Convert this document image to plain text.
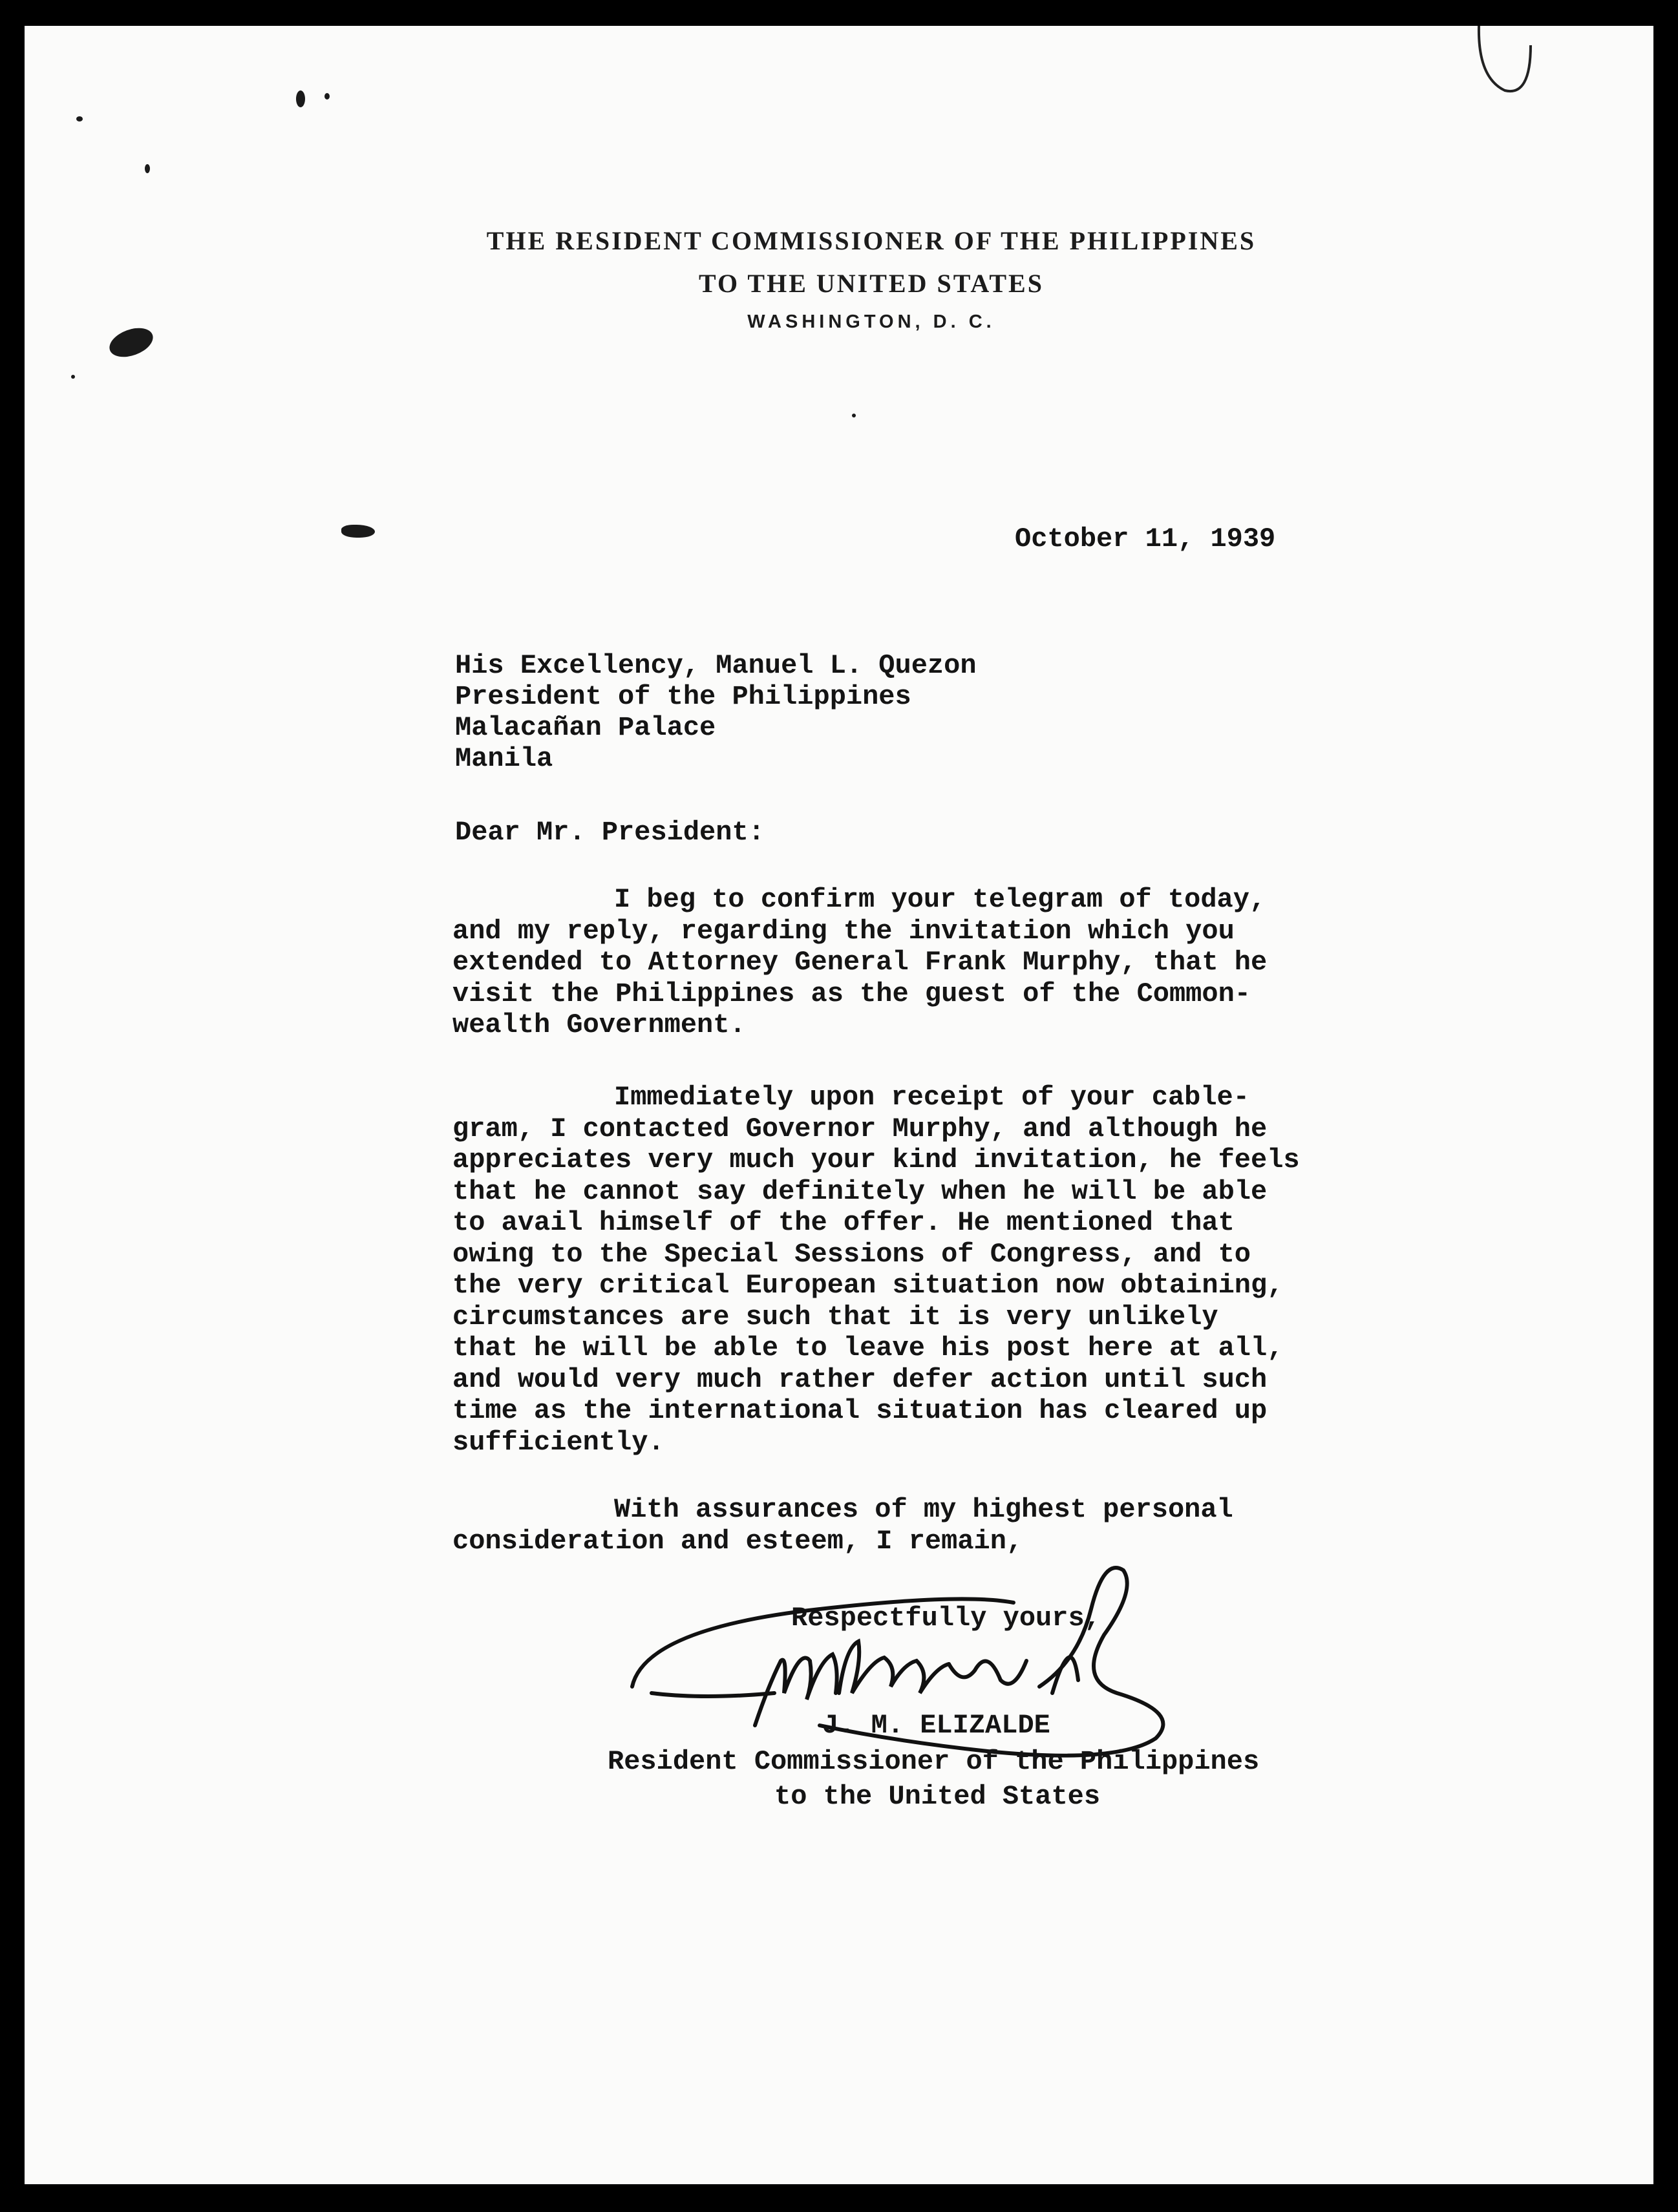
THE RESIDENT COMMISSIONER OF THE PHILIPPINES
TO THE UNITED STATES
WASHINGTON, D. C.
October 11, 1939
His Excellency, Manuel L. Quezon
President of the Philippines
Malacañan Palace
Manila
Dear Mr. President:
I beg to confirm your telegram of today,
and my reply, regarding the invitation which you
extended to Attorney General Frank Murphy, that he
visit the Philippines as the guest of the Common-
wealth Government.
Immediately upon receipt of your cable-
gram, I contacted Governor Murphy, and although he
appreciates very much your kind invitation, he feels
that he cannot say definitely when he will be able
to avail himself of the offer. He mentioned that
owing to the Special Sessions of Congress, and to
the very critical European situation now obtaining,
circumstances are such that it is very unlikely
that he will be able to leave his post here at all,
and would very much rather defer action until such
time as the international situation has cleared up
sufficiently.
With assurances of my highest personal
consideration and esteem, I remain,
Respectfully yours,
J. M. ELIZALDE
Resident Commissioner of the Philippines
to the United States
